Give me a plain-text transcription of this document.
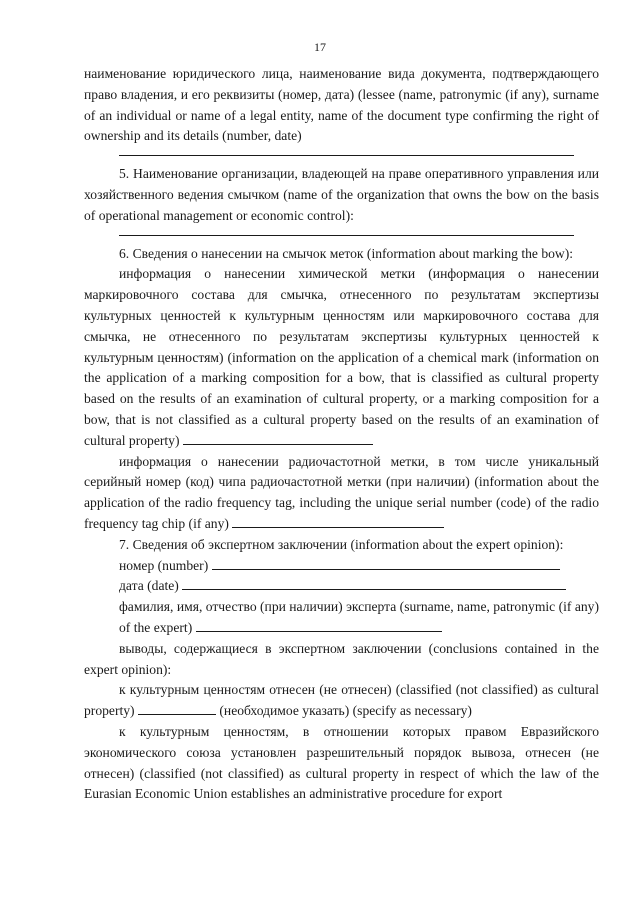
17

наименование юридического лица, наименование вида документа, подтверждающего право владения, и его реквизиты (номер, дата) (lessee (name, patronymic (if any), surname of an individual or name of a legal entity, name of the document type confirming the right of ownership and its details (number, date)

5. Наименование организации, владеющей на праве оперативного управления или хозяйственного ведения смычком (name of the organization that owns the bow on the basis of operational management or economic control):

6. Сведения о нанесении на смычок меток (information about marking the bow):

информация о нанесении химической метки (информация о нанесении маркировочного состава для смычка, отнесенного по результатам экспертизы культурных ценностей к культурным ценностям или маркировочного состава для смычка, не отнесенного по результатам экспертизы культурных ценностей к культурным ценностям) (information on the application of a chemical mark (information on the application of a marking composition for a bow, that is classified as cultural property based on the results of an examination of cultural property, or a marking composition for a bow, that is not classified as a cultural property based on the results of an examination of cultural property)

информация о нанесении радиочастотной метки, в том числе уникальный серийный номер (код) чипа радиочастотной метки (при наличии) (information about the application of the radio frequency tag, including the unique serial number (code) of the radio frequency tag chip (if any)

7. Сведения об экспертном заключении (information about the expert opinion):

номер (number)

дата (date)

фамилия, имя, отчество (при наличии) эксперта (surname, name, patronymic (if any) of the expert)

выводы, содержащиеся в экспертном заключении (conclusions contained in the expert opinion):

к культурным ценностям отнесен (не отнесен) (classified (not classified) as cultural property)	(необходимое указать) (specify as necessary)

к культурным ценностям, в отношении которых правом Евразийского экономического союза установлен разрешительный порядок вывоза, отнесен (не отнесен) (classified (not classified) as cultural property in respect of which the law of the Eurasian Economic Union establishes an administrative procedure for export
